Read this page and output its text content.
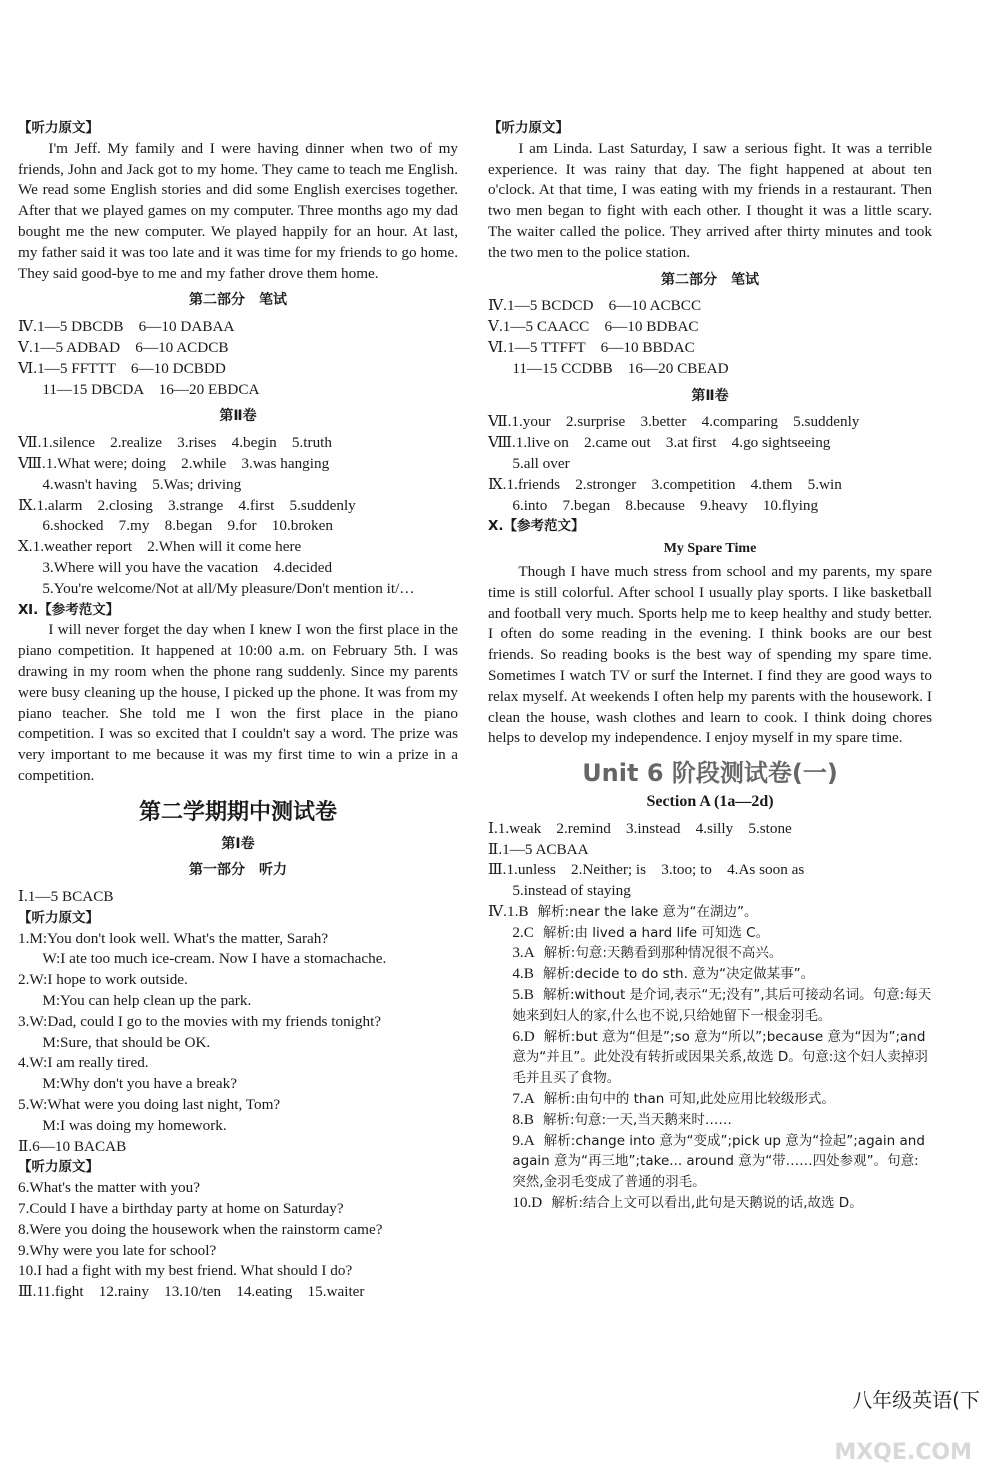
【听力原文】

I'm Jeff. My family and I were having dinner when two of my friends, John and Jack got to my home. They came to teach me English. We read some English stories and did some English exercises together. After that we played games on my computer. Three months ago my dad bought me the new computer. We played happily for an hour. At last, my father said it was too late and it was time for my friends to go home. They said good-bye to me and my father drove them home.

第二部分　笔试

Ⅳ.1—5 DBCDB　6—10 DABAA

Ⅴ.1—5 ADBAD　6—10 ACDCB

Ⅵ.1—5 FFTTT　6—10 DCBDD

11—15 DBCDA　16—20 EBDCA

第Ⅱ卷

Ⅶ.1.silence　2.realize　3.rises　4.begin　5.truth

Ⅷ.1.What were; doing　2.while　3.was hanging

4.wasn't having　5.Was; driving

Ⅸ.1.alarm　2.closing　3.strange　4.first　5.suddenly

6.shocked　7.my　8.began　9.for　10.broken

Ⅹ.1.weather report　2.When will it come here

3.Where will you have the vacation　4.decided

5.You're welcome/Not at all/My pleasure/Don't mention it/…

Ⅺ.【参考范文】

I will never forget the day when I knew I won the first place in the piano competition. It happened at 10:00 a.m. on February 5th. I was drawing in my room when the phone rang suddenly. Since my parents were busy cleaning up the house, I picked up the phone. It was from my piano teacher. She told me I won the first place in the piano competition. I was so excited that I couldn't say a word. The prize was very important to me because it was my first time to win a prize in a competition.

第二学期期中测试卷
第Ⅰ卷
第一部分　听力

Ⅰ.1—5 BCACB

【听力原文】

1.M:You don't look well. What's the matter, Sarah?

W:I ate too much ice-cream. Now I have a stomachache.

2.W:I hope to work outside.

M:You can help clean up the park.

3.W:Dad, could I go to the movies with my friends tonight?

M:Sure, that should be OK.

4.W:I am really tired.

M:Why don't you have a break?

5.W:What were you doing last night, Tom?

M:I was doing my homework.

Ⅱ.6—10 BACAB

【听力原文】

6.What's the matter with you?

7.Could I have a birthday party at home on Saturday?

8.Were you doing the housework when the rainstorm came?

9.Why were you late for school?

10.I had a fight with my best friend. What should I do?

Ⅲ.11.fight　12.rainy　13.10/ten　14.eating　15.waiter

【听力原文】

I am Linda. Last Saturday, I saw a serious fight. It was a terrible experience. It was rainy that day. The fight happened at about ten o'clock. At that time, I was eating with my friends in a restaurant. Then two men began to fight with each other. I thought it was a little scary. The waiter called the police. They arrived after thirty minutes and took the two men to the police station.

第二部分　笔试

Ⅳ.1—5 BCDCD　6—10 ACBCC

Ⅴ.1—5 CAACC　6—10 BDBAC

Ⅵ.1—5 TTFFT　6—10 BBDAC

11—15 CCDBB　16—20 CBEAD

第Ⅱ卷

Ⅶ.1.your　2.surprise　3.better　4.comparing　5.suddenly

Ⅷ.1.live on　2.came out　3.at first　4.go sightseeing

5.all over

Ⅸ.1.friends　2.stronger　3.competition　4.them　5.win

6.into　7.began　8.because　9.heavy　10.flying

Ⅹ.【参考范文】

My Spare Time

Though I have much stress from school and my parents, my spare time is still colorful. After school I usually play sports. I like basketball and football very much. Sports help me to keep healthy and study better. I often do some reading in the evening. I think books are our best friends. So reading books is the best way of spending my spare time. Sometimes I watch TV or surf the Internet. I find they are good ways to relax myself. At weekends I often help my parents with the housework. I clean the house, wash clothes and learn to cook. I think doing chores helps to develop my independence. I enjoy myself in my spare time.

Unit 6 阶段测试卷(一)
Section A (1a—2d)

Ⅰ.1.weak　2.remind　3.instead　4.silly　5.stone

Ⅱ.1—5 ACBAA

Ⅲ.1.unless　2.Neither; is　3.too; to　4.As soon as

5.instead of staying

Ⅳ.1.B 解析:near the lake 意为“在湖边”。
2.C 解析:由 lived a hard life 可知选 C。
3.A 解析:句意:天鹅看到那种情况很不高兴。
4.B 解析:decide to do sth. 意为“决定做某事”。
5.B 解析:without 是介词,表示“无;没有”,其后可接动名词。句意:每天她来到妇人的家,什么也不说,只给她留下一根金羽毛。
6.D 解析:but 意为“但是”;so 意为“所以”;because 意为“因为”;and 意为“并且”。此处没有转折或因果关系,故选 D。句意:这个妇人卖掉羽毛并且买了食物。
7.A 解析:由句中的 than 可知,此处应用比较级形式。
8.B 解析:句意:一天,当天鹅来时……
9.A 解析:change into 意为“变成”;pick up 意为“捡起”;again and again 意为“再三地”;take... around 意为“带……四处参观”。句意:突然,金羽毛变成了普通的羽毛。
10.D 解析:结合上文可以看出,此句是天鹅说的话,故选 D。
八年级英语(下
MXQE.COM
